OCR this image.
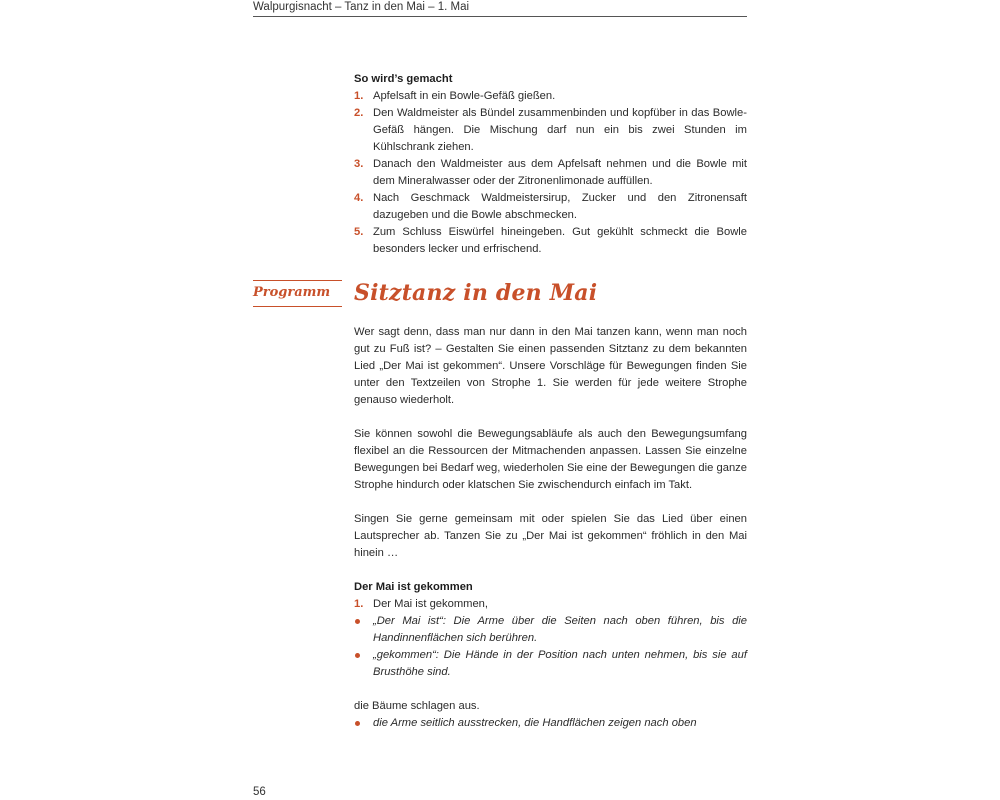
Walpurgisnacht – Tanz in den Mai – 1. Mai
So wird’s gemacht
1. Apfelsaft in ein Bowle-Gefäß gießen.
2. Den Waldmeister als Bündel zusammenbinden und kopfüber in das Bowle-Gefäß hängen. Die Mischung darf nun ein bis zwei Stunden im Kühlschrank ziehen.
3. Danach den Waldmeister aus dem Apfelsaft nehmen und die Bowle mit dem Mineralwasser oder der Zitronenlimonade auffüllen.
4. Nach Geschmack Waldmeistersirup, Zucker und den Zitronensaft dazugeben und die Bowle abschmecken.
5. Zum Schluss Eiswürfel hineingeben. Gut gekühlt schmeckt die Bowle besonders lecker und erfrischend.
Programm Sitztanz in den Mai

Wer sagt denn, dass man nur dann in den Mai tanzen kann, wenn man noch gut zu Fuß ist? – Gestalten Sie einen passenden Sitztanz zu dem bekannten Lied „Der Mai ist gekommen“. Unsere Vorschläge für Bewegungen finden Sie unter den Textzeilen von Strophe 1. Sie werden für jede weitere Strophe genauso wiederholt.

Sie können sowohl die Bewegungsabläufe als auch den Bewegungsumfang flexibel an die Ressourcen der Mitmachenden anpassen. Lassen Sie einzelne Bewegungen bei Bedarf weg, wiederholen Sie eine der Bewegungen die ganze Strophe hindurch oder klatschen Sie zwischendurch einfach im Takt.

Singen Sie gerne gemeinsam mit oder spielen Sie das Lied über einen Lautsprecher ab. Tanzen Sie zu „Der Mai ist gekommen“ fröhlich in den Mai hinein …

Der Mai ist gekommen
1. Der Mai ist gekommen,
„Der Mai ist“: Die Arme über die Seiten nach oben führen, bis die Handinnenflächen sich berühren.
„gekommen“: Die Hände in der Position nach unten nehmen, bis sie auf Brusthöhe sind.
die Bäume schlagen aus.
die Arme seitlich ausstrecken, die Handflächen zeigen nach oben
56
